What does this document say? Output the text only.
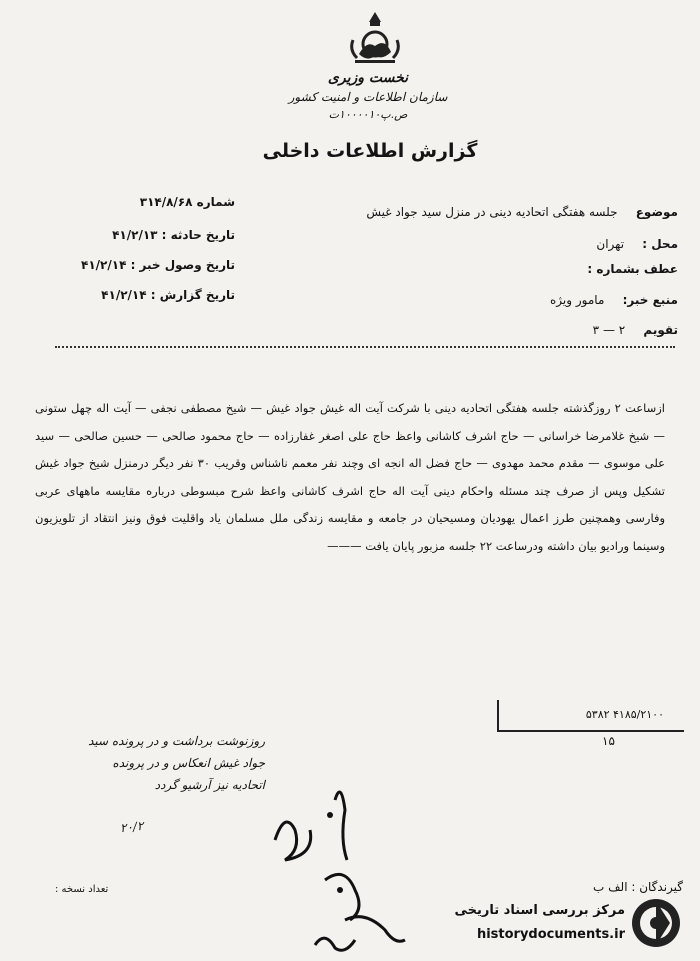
نخست وزیری
سازمان اطلاعات و امنیت کشور
ص.پ۱۰۰۰۰۱۰ت
گزارش اطلاعات داخلی
شماره ۳۱۴/۸/۶۸
تاریخ حادثه : ۴۱/۲/۱۳
تاریخ وصول خبر : ۴۱/۲/۱۴
تاریخ گزارش : ۴۱/۲/۱۴
موضوع جلسه هفتگی اتحادیه دینی در منزل سید جواد غیش
محل : تهران
عطف بشماره :
منبع خبر: مامور ویژه
تقویم ۲ — ۳
ازساعت ۲ روزگذشته جلسه هفتگی اتحادیه دینی با شرکت آیت اله غیش جواد غیش — شیخ مصطفی نجفی — آیت اله چهل ستونی — شیخ غلامرضا خراسانی — حاج اشرف کاشانی واعظ حاج علی اصغر غفارزاده — حاج محمود صالحی — حسین صالحی — سید علی موسوی — مقدم محمد مهدوی — حاج فضل اله انجه ای وچند نفر معمم ناشناس وقریب ۳۰ نفر دیگر درمنزل شیخ جواد غیش تشکیل وپس از صرف چند مسئله واحکام دینی آیت اله حاج اشرف کاشانی واعظ شرح مبسوطی درباره مقایسه ماههای عربی وفارسی وهمچنین طرز اعمال یهودیان ومسیحیان در جامعه و مقایسه زندگی ملل مسلمان یاد واقلیت فوق ونیز انتقاد از تلویزیون وسینما ورادیو بیان داشته ودرساعت ۲۲ جلسه مزبور پایان یافت ———
۴۱۸۵/۲۱۰۰ ۵۳۸۲
۱۵
روزنوشت برداشت و در پرونده سید جواد غیش انعکاس و در پرونده اتحادیه نیز آرشیو گردد
۲۰/۲
تعداد نسخه :	گیرندگان : الف ب
مرکز بررسی اسناد تاریخی
historydocuments.ir
